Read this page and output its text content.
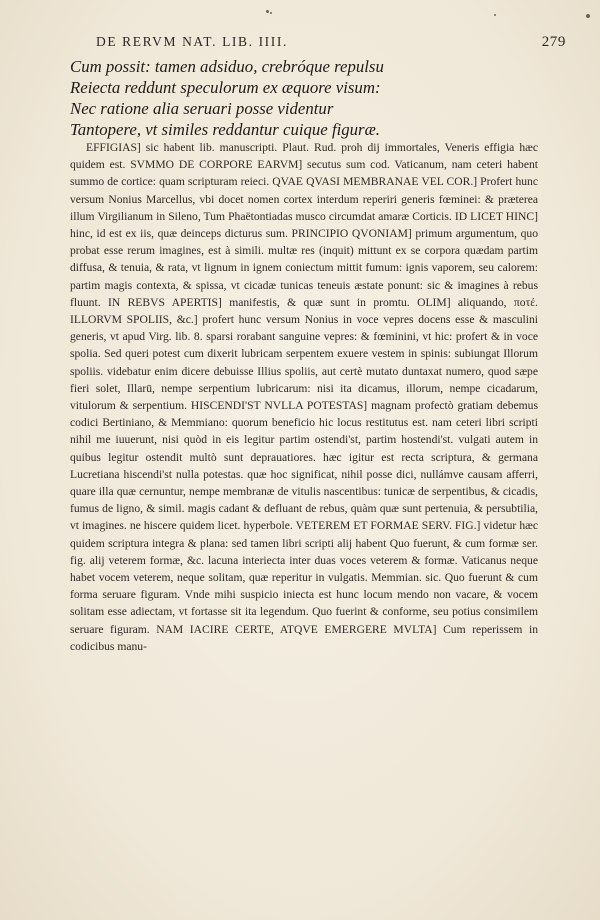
DE RERVM NAT. LIB. IIII.	279
Cum possit: tamen adsiduo, crebróque repulsu
Reiecta reddunt speculorum ex æquore visum:
Nec ratione alia seruari posse videntur
Tantopere, vt similes reddantur cuique figuræ.

EFFIGIAS] sic habent lib. manuscripti. Plaut. Rud. proh dij immortales, Veneris effigia hæc quidem est. SVMMO DE CORPORE EARVM] secutus sum cod. Vaticanum, nam ceteri habent summo de cortice: quam scripturam reieci. QVAE QVASI MEMBRANAE VEL COR.] Profert hunc versum Nonius Marcellus, vbi docet nomen cortex interdum reperiri generis fœminei: & præterea illum Virgilianum in Sileno, Tum Phaëtontiadas musco circumdat amaræ Corticis. ID LICET HINC] hinc, id est ex iis, quæ deinceps dicturus sum. PRINCIPIO QVONIAM] primum argumentum, quo probat esse rerum imagines, est à simili. multæ res (inquit) mittunt ex se corpora quædam partim diffusa, & tenuia, & rata, vt lignum in ignem coniectum mittit fumum: ignis vaporem, seu calorem: partim magis contexta, & spissa, vt cicadæ tunicas teneuis æstate ponunt: sic & imagines à rebus fluunt. IN REBVS APERTIS] manifestis, & quæ sunt in promtu. OLIM] aliquando, ποτέ. ILLORVM SPOLIIS, &c.] profert hunc versum Nonius in voce vepres docens esse & masculini generis, vt apud Virg. lib. 8. sparsi rorabant sanguine vepres: & fœminini, vt hic: profert & in voce spolia. Sed queri potest cum dixerit lubricam serpentem exuere vestem in spinis: subiungat Illorum spoliis. videbatur enim dicere debuisse Illius spoliis, aut certè mutato duntaxat numero, quod sæpe fieri solet, Illarū, nempe serpentium lubricarum: nisi ita dicamus, illorum, nempe cicadarum, vitulorum & serpentium. HISCENDI'ST NVLLA POTESTAS] magnam profectò gratiam debemus codici Bertiniano, & Memmiano: quorum beneficio hic locus restitutus est. nam ceteri libri scripti nihil me iuuerunt, nisi quòd in eis legitur partim ostendi'st, partim hostendi'st. vulgati autem in quibus legitur ostendit multò sunt deprauatiores. hæc igitur est recta scriptura, & germana Lucretiana hiscendi'st nulla potestas. quæ hoc significat, nihil posse dici, nullámve causam afferri, quare illa quæ cernuntur, nempe membranæ de vitulis nascentibus: tunicæ de serpentibus, & cicadis, fumus de ligno, & simil. magis cadant & defluant de rebus, quàm quæ sunt pertenuia, & persubtilia, vt imagines. ne hiscere quidem licet. hyperbole. VETEREM ET FORMAE SERV. FIG.] videtur hæc quidem scriptura integra & plana: sed tamen libri scripti alij habent Quo fuerunt, & cum formæ ser. fig. alij veterem formæ, &c. lacuna interiecta inter duas voces veterem & formæ. Vaticanus neque habet vocem veterem, neque solitam, quæ reperitur in vulgatis. Memmian. sic. Quo fuerunt & cum forma seruare figuram. Vnde mihi suspicio iniecta est hunc locum mendo non vacare, & vocem solitam esse adiectam, vt fortasse sit ita legendum. Quo fuerint & conforme, seu potius consimilem seruare figuram. NAM IACIRE CERTE, ATQVE EMERGERE MVLTA] Cum reperissem in codicibus manu-
